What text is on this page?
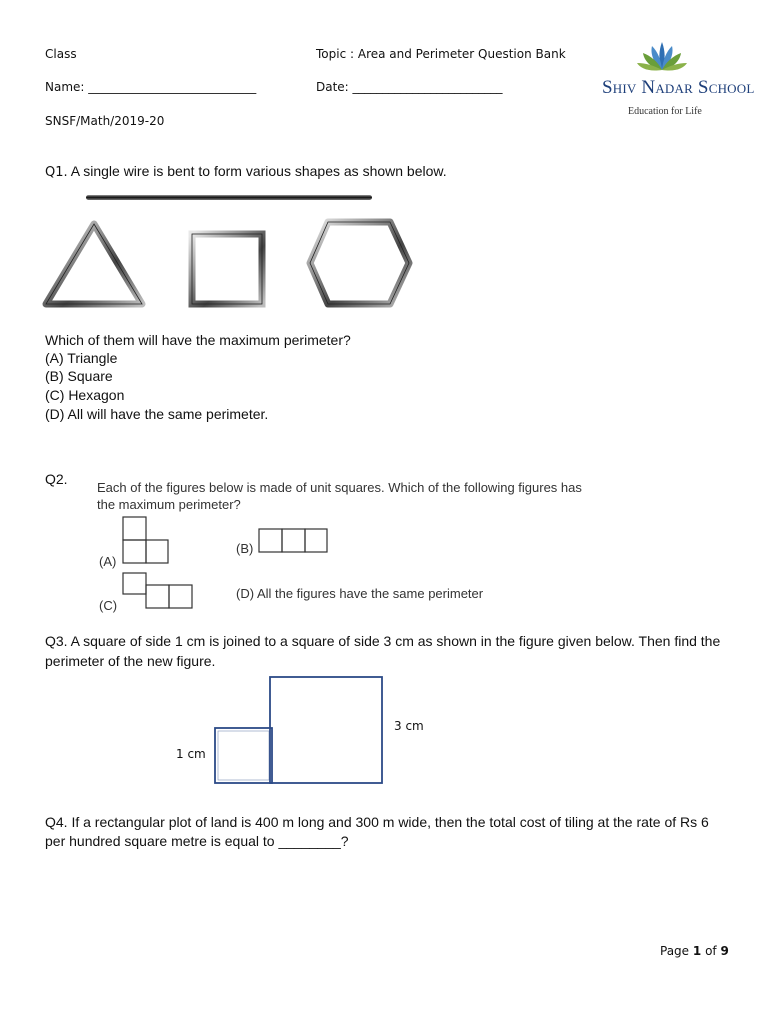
Class	Topic : Area and Perimeter Question Bank
Name: ____________________________	Date: _________________________
SNSF/Math/2019-20
Shiv Nadar School
Education for Life
Q1. A single wire is bent to form various shapes as shown below.
Which of them will have the maximum perimeter?
(A) Triangle
(B) Square
(C) Hexagon
(D) All will have the same perimeter.
Q2.
Each of the figures below is made of unit squares. Which of the following figures has
the maximum perimeter?
(A)
(B)
(C)
(D) All the figures have the same perimeter
Q3. A square of side 1 cm is joined to a square of side 3 cm as shown in the figure given below. Then find the
perimeter of the new figure.
1 cm
3 cm
Q4. If a rectangular plot of land is 400 m long and 300 m wide, then the total cost of tiling at the rate of Rs 6
per hundred square metre is equal to ________?
Page 1 of 9
